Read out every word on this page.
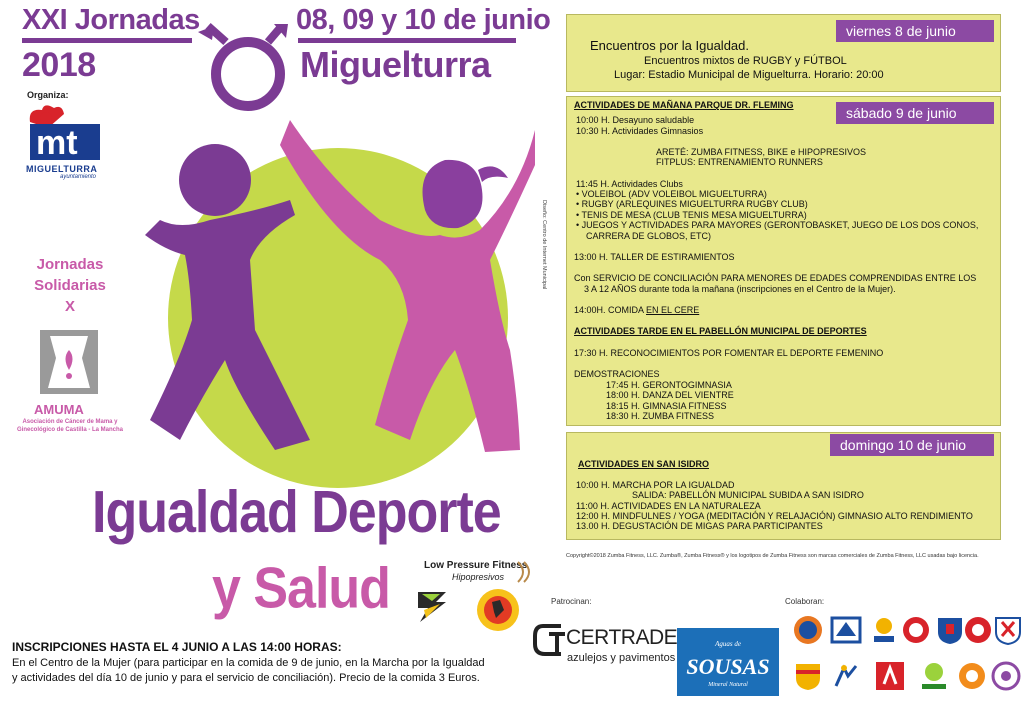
XXI Jornadas
2018
08, 09 y 10 de junio
Miguelturra
Organiza:
mt
MIGUELTURRA
ayuntamiento
Jornadas
Solidarias
X
AMUMA
Asociación de Cáncer de Mama y Ginecológico de Castilla - La Mancha
Igualdad Deporte
y Salud	Low Pressure Fitness
Hipopresivos
INSCRIPCIONES HASTA EL 4 JUNIO A LAS 14:00 HORAS:
En el Centro de la Mujer (para participar en la comida de 9 de junio, en la Marcha por la Igualdad
y actividades del día 10 de junio y para el servicio de conciliación). Precio de la comida 3 Euros.
Diseño: Centro de Internet Municipal
viernes 8 de junio
Encuentros por la Igualdad.
Encuentros mixtos de RUGBY y FÚTBOL
Lugar: Estadio Municipal de Miguelturra. Horario: 20:00
ACTIVIDADES DE MAÑANA PARQUE DR. FLEMING	sábado 9 de junio
10:00 H. Desayuno saludable
10:30 H. Actividades Gimnasios
ARETÉ: ZUMBA FITNESS, BIKE e HIPOPRESIVOS
FITPLUS: ENTRENAMIENTO RUNNERS
11:45 H. Actividades Clubs
• VOLEIBOL (ADV VOLEIBOL MIGUELTURRA)
• RUGBY (ARLEQUINES MIGUELTURRA RUGBY CLUB)
• TENIS DE MESA (CLUB TENIS MESA MIGUELTURRA)
• JUEGOS Y ACTIVIDADES PARA MAYORES (GERONTOBASKET, JUEGO DE LOS DOS CONOS,
CARRERA DE GLOBOS, ETC)
13:00 H. TALLER DE ESTIRAMIENTOS
Con SERVICIO DE CONCILIACIÓN PARA MENORES DE EDADES COMPRENDIDAS ENTRE LOS
3 A 12 AÑOS durante toda la mañana (inscripciones en el Centro de la Mujer).
14:00H. COMIDA EN EL CERE
ACTIVIDADES TARDE EN EL PABELLÓN MUNICIPAL DE DEPORTES
17:30 H. RECONOCIMIENTOS POR FOMENTAR EL DEPORTE FEMENINO
DEMOSTRACIONES
17:45 H. GERONTOGIMNASIA
18:00 H. DANZA DEL VIENTRE
18:15 H. GIMNASIA FITNESS
18:30 H. ZUMBA FITNESS
domingo 10 de junio
ACTIVIDADES EN SAN ISIDRO
10:00 H. MARCHA POR LA IGUALDAD
SALIDA: PABELLÓN MUNICIPAL SUBIDA A SAN ISIDRO
11:00 H. ACTIVIDADES EN LA NATURALEZA
12:00 H. MINDFULNES / YOGA (MEDITACIÓN Y RELAJACIÓN) GIMNASIO ALTO RENDIMIENTO
13.00 H. DEGUSTACIÓN DE MIGAS PARA PARTICIPANTES
Copyright©2018 Zumba Fitness, LLC. Zumba®, Zumba Fitness® y los logotipos de Zumba Fitness son marcas comerciales de Zumba Fitness, LLC usadas bajo licencia.
Patrocinan:	Colaboran:
CERTRADE
azulejos y pavimentos
Aguas de
SOUSAS
Mineral Natural
